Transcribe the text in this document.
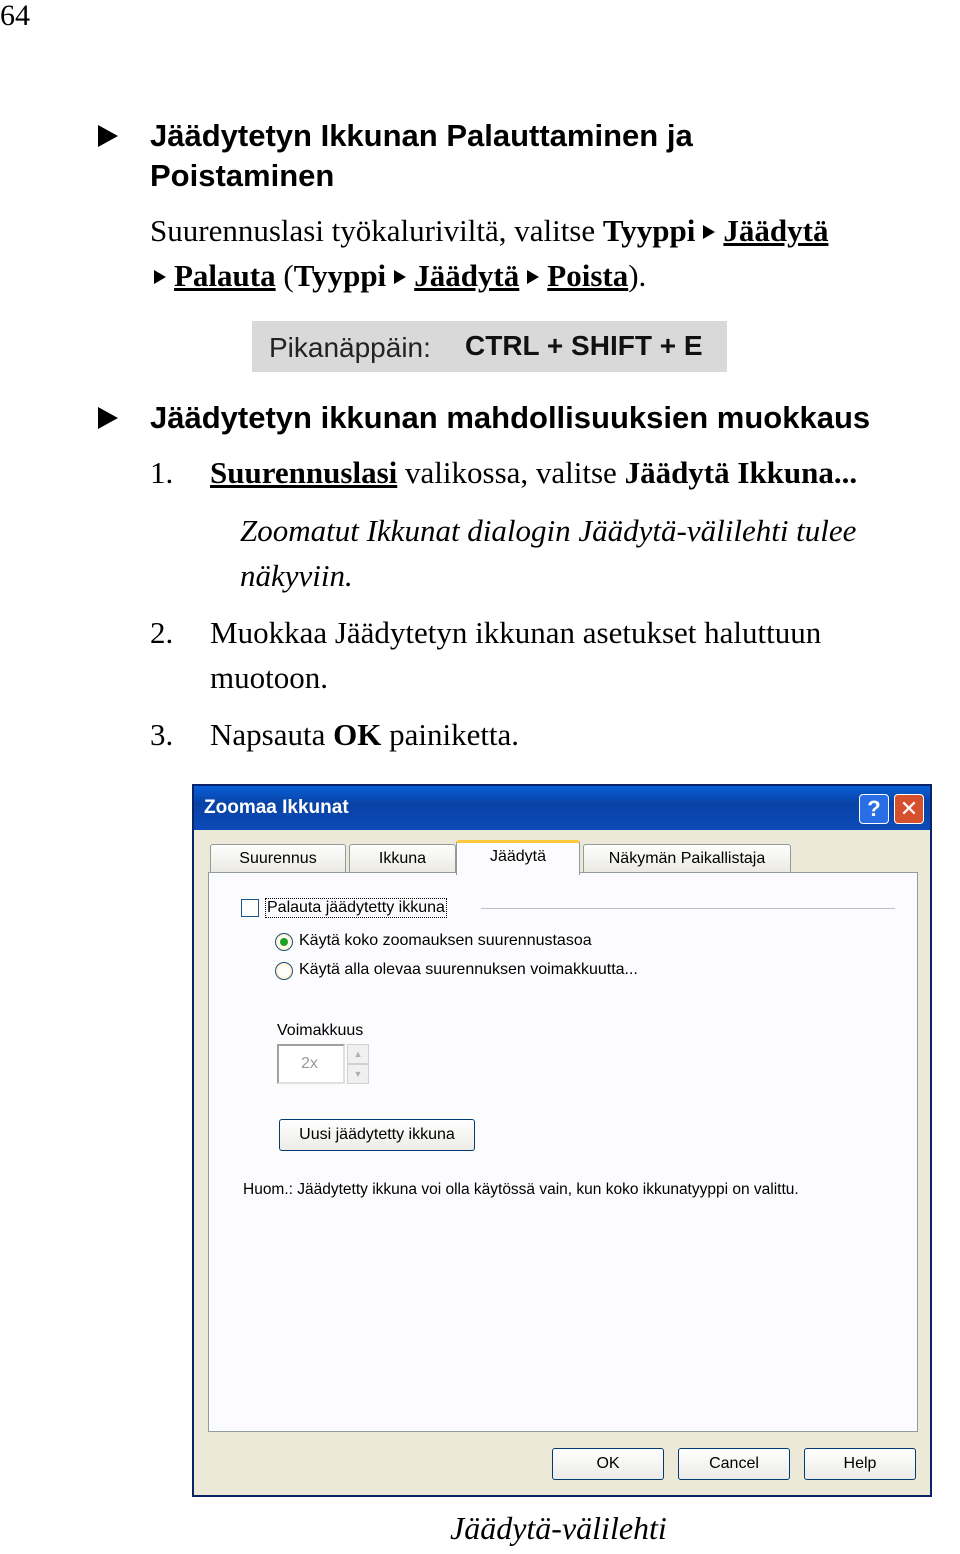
64
Jäädytetyn Ikkunan Palauttaminen ja
Poistaminen
Suurennuslasi työkaluriviltä, valitse Tyyppi Jäädytä
Palauta (Tyyppi Jäädytä Poista).
Pikanäppäin: CTRL + SHIFT + E
Jäädytetyn ikkunan mahdollisuuksien muokkaus
1. Suurennuslasi valikossa, valitse Jäädytä Ikkuna...
Zoomatut Ikkunat dialogin Jäädytä-välilehti tulee
näkyviin.
2. Muokkaa Jäädytetyn ikkunan asetukset haluttuun
muotoon.
3. Napsauta OK painiketta.
Zoomaa Ikkunat	? ✕
Suurennus	Ikkuna	Jäädytä	Näkymän Paikallistaja
Palauta jäädytetty ikkuna
Käytä koko zoomauksen suurennustasoa
Käytä alla olevaa suurennuksen voimakkuutta...
Voimakkuus
2x
▲
▼
Uusi jäädytetty ikkuna
Huom.: Jäädytetty ikkuna voi olla käytössä vain, kun koko ikkunatyyppi on valittu.
OK	Cancel	Help
Jäädytä-välilehti
